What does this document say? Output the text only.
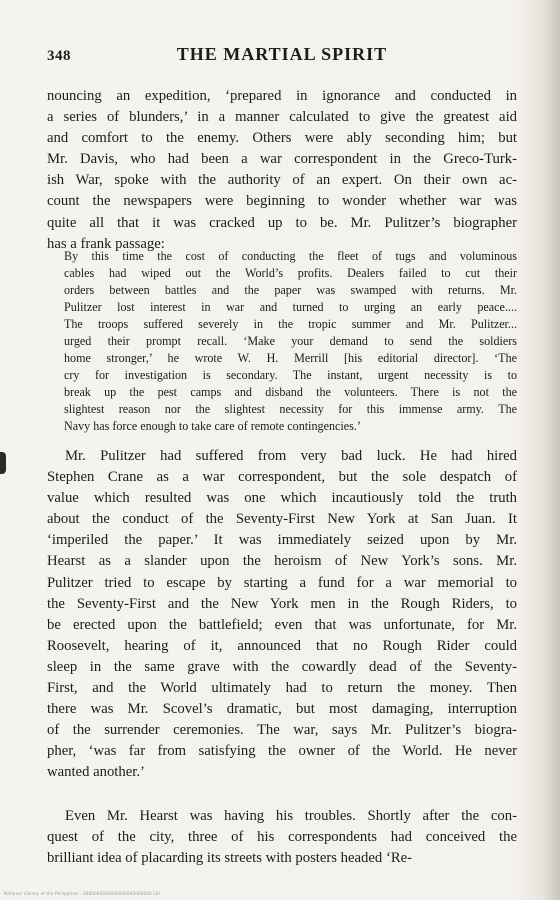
348	THE MARTIAL SPIRIT
nouncing an expedition, ‘prepared in ignorance and conducted in
a series of blunders,’ in a manner calculated to give the greatest aid
and comfort to the enemy. Others were ably seconding him; but
Mr. Davis, who had been a war correspondent in the Greco-Turk-
ish War, spoke with the authority of an expert. On their own ac-
count the newspapers were beginning to wonder whether war was
quite all that it was cracked up to be. Mr. Pulitzer’s biographer
has a frank passage:
By this time the cost of conducting the fleet of tugs and voluminous
cables had wiped out the World’s profits. Dealers failed to cut their
orders between battles and the paper was swamped with returns. Mr.
Pulitzer lost interest in war and turned to urging an early peace....
The troops suffered severely in the tropic summer and Mr. Pulitzer...
urged their prompt recall. ‘Make your demand to send the soldiers
home stronger,’ he wrote W. H. Merrill [his editorial director]. ‘The
cry for investigation is secondary. The instant, urgent necessity is to
break up the pest camps and disband the volunteers. There is not the
slightest reason nor the slightest necessity for this immense army. The
Navy has force enough to take care of remote contingencies.’
Mr. Pulitzer had suffered from very bad luck. He had hired
Stephen Crane as a war correspondent, but the sole despatch of
value which resulted was one which incautiously told the truth
about the conduct of the Seventy-First New York at San Juan. It
‘imperiled the paper.’ It was immediately seized upon by Mr.
Hearst as a slander upon the heroism of New York’s sons. Mr.
Pulitzer tried to escape by starting a fund for a war memorial to
the Seventy-First and the New York men in the Rough Riders, to
be erected upon the battlefield; even that was unfortunate, for Mr.
Roosevelt, hearing of it, announced that no Rough Rider could
sleep in the same grave with the cowardly dead of the Seventy-
First, and the World ultimately had to return the money. Then
there was Mr. Scovel’s dramatic, but most damaging, interruption
of the surrender ceremonies. The war, says Mr. Pulitzer’s biogra-
pher, ‘was far from satisfying the owner of the World. He never
wanted another.’
Even Mr. Hearst was having his troubles. Shortly after the con-
quest of the city, three of his correspondents had conceived the
brilliant idea of placarding its streets with posters headed ‘Re-
National Library of the Philippines · 0000000000000000000000000 LUI
